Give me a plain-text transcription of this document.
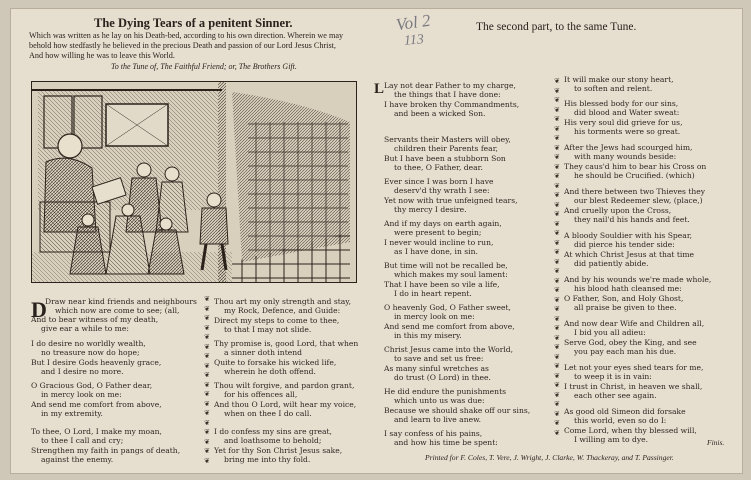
The Dying Tears of a penitent Sinner.
Which was written as he lay on his Death-bed, according to his own direction. Wherein we may
behold how stedfastly he believed in the precious Death and passion of our Lord Jesus Christ,
And how willing he was to leave this World.
To the Tune of, The Faithful Friend; or, The Brothers Gift.
The second part, to the same Tune.
Vol 2
113
D
Draw near kind friends and neighbours
which now are come to see; (all,
And to bear witness of my death,
give ear a while to me:
I do desire no worldly wealth,
no treasure now do hope;
But I desire Gods heavenly grace,
and I desire no more.
O Gracious God, O Father dear,
in mercy look on me:
And send me comfort from above,
in my extremity.
To thee, O Lord, I make my moan,
to thee I call and cry;
Strengthen my faith in pangs of death,
against the enemy.
❦
❦
❦
❦
❦
❦
❦
❦
❦
❦
❦
❦
❦
❦
❦
❦
❦
❦
Thou art my only strength and stay,
my Rock, Defence, and Guide:
Direct my steps to come to thee,
to that I may not slide.
Thy promise is, good Lord, that when
a sinner doth intend
Quite to forsake his wicked life,
wherein he doth offend.
Thou wilt forgive, and pardon grant,
for his offences all,
And thou O Lord, wilt hear my voice,
when on thee I do call.
I do confess my sins are great,
and loathsome to behold;
Yet for thy Son Christ Jesus sake,
bring me into thy fold.
L Lay not dear Father to my charge,
the things that I have done:
I have broken thy Commandments,
and been a wicked Son.
Servants their Masters will obey,
children their Parents fear,
But I have been a stubborn Son
to thee, O Father, dear.
Ever since I was born I have
deserv'd thy wrath I see:
Yet now with true unfeigned tears,
thy mercy I desire.
And if my days on earth again,
were present to begin;
I never would incline to run,
as I have done, in sin.
But time will not be recalled be,
which makes my soul lament:
That I have been so vile a life,
I do in heart repent.
O heavenly God, O Father sweet,
in mercy look on me:
And send me comfort from above,
in this my misery.
Christ Jesus came into the World,
to save and set us free:
As many sinful wretches as
do trust (O Lord) in thee.
He did endure the punishments
which unto us was due:
Because we should shake off our sins,
and learn to live anew.
I say confess of his pains,
and how his time be spent:
❦
❦
❦
❦
❦
❦
❦
❦
❦
❦
❦
❦
❦
❦
❦
❦
❦
❦
❦
❦
❦
❦
❦
❦
❦
❦
❦
❦
❦
❦
❦
❦
❦
❦
❦
❦
❦
❦
It will make our stony heart,
to soften and relent.
His blessed body for our sins,
did blood and Water sweat:
His very soul did grieve for us,
his torments were so great.
After the Jews had scourged him,
with many wounds beside:
They caus'd him to bear his Cross on
he should be Crucified. (which)
And there between two Thieves they
our blest Redeemer slew, (place,)
And cruelly upon the Cross,
they nail'd his hands and feet.
A bloody Souldier with his Spear,
did pierce his tender side:
At which Christ Jesus at that time
did patiently abide.
And by his wounds we're made whole,
his blood hath cleansed me:
O Father, Son, and Holy Ghost,
all praise be given to thee.
And now dear Wife and Children all,
I bid you all adieu:
Serve God, obey the King, and see
you pay each man his due.
Let not your eyes shed tears for me,
to weep it is in vain:
I trust in Christ, in heaven we shall,
each other see again.
As good old Simeon did forsake
this world, even so do I:
Come Lord, when thy blessed will,
I willing am to dye.	Finis.
Printed for F. Coles, T. Vere, J. Wright, J. Clarke, W. Thackeray, and T. Passinger.
